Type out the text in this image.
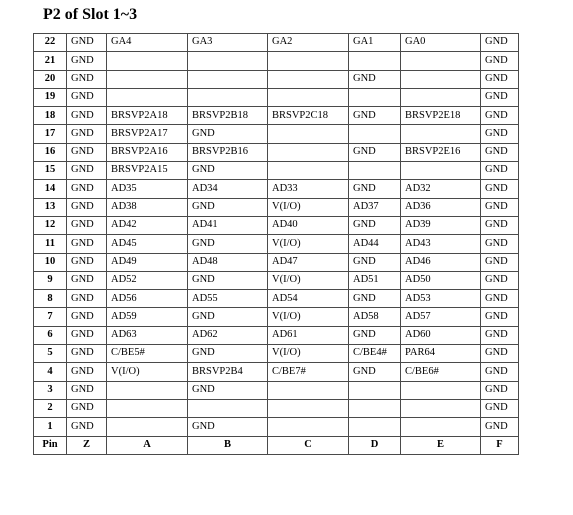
P2 of Slot 1~3
22	GND	GA4	GA3	GA2	GA1	GA0	GND
21	GND						GND
20	GND				GND		GND
19	GND						GND
18	GND	BRSVP2A18	BRSVP2B18	BRSVP2C18	GND	BRSVP2E18	GND
17	GND	BRSVP2A17	GND				GND
16	GND	BRSVP2A16	BRSVP2B16		GND	BRSVP2E16	GND
15	GND	BRSVP2A15	GND				GND
14	GND	AD35	AD34	AD33	GND	AD32	GND
13	GND	AD38	GND	V(I/O)	AD37	AD36	GND
12	GND	AD42	AD41	AD40	GND	AD39	GND
11	GND	AD45	GND	V(I/O)	AD44	AD43	GND
10	GND	AD49	AD48	AD47	GND	AD46	GND
9	GND	AD52	GND	V(I/O)	AD51	AD50	GND
8	GND	AD56	AD55	AD54	GND	AD53	GND
7	GND	AD59	GND	V(I/O)	AD58	AD57	GND
6	GND	AD63	AD62	AD61	GND	AD60	GND
5	GND	C/BE5#	GND	V(I/O)	C/BE4#	PAR64	GND
4	GND	V(I/O)	BRSVP2B4	C/BE7#	GND	C/BE6#	GND
3	GND		GND				GND
2	GND						GND
1	GND		GND				GND
Pin	Z	A	B	C	D	E	F
